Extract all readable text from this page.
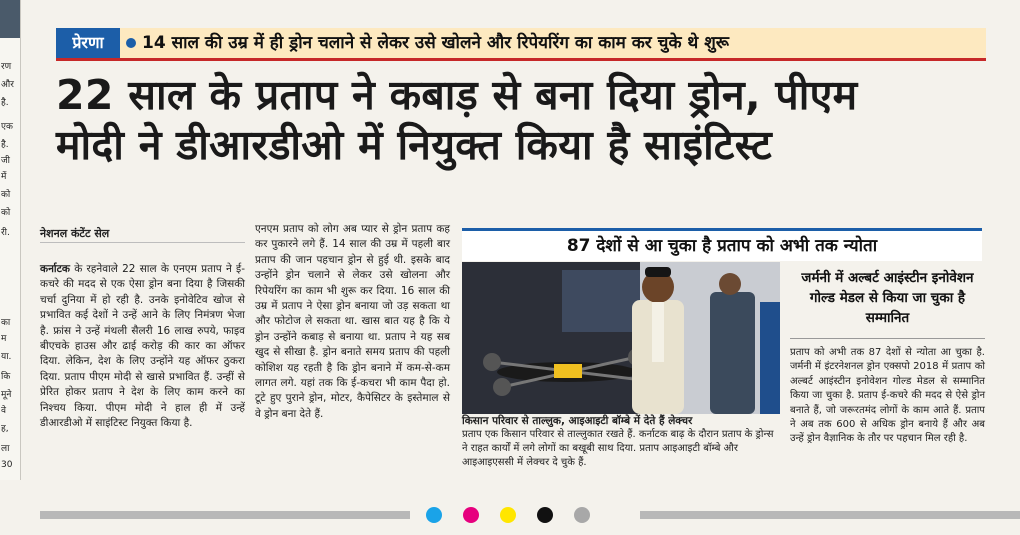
रण
और
है.
एक
है.
जी
में
को
को
री.
का
म
या.
कि
मूने
वे
ह,
ला
30
प्रेरणा	14 साल की उम्र में ही ड्रोन चलाने से लेकर उसे खोलने और रिपेयरिंग का काम कर चुके थे शुरू
22 साल के प्रताप ने कबाड़ से बना दिया ड्रोन, पीएम
मोदी ने डीआरडीओ में नियुक्त किया है साइंटिस्ट
नेशनल कंटेंट सेल
कर्नाटक के रहनेवाले 22 साल के एनएम प्रताप ने ई-कचरे की मदद से एक ऐसा ड्रोन बना दिया है जिसकी चर्चा दुनिया में हो रही है. उनके इनोवेटिव खोज से प्रभावित कई देशों ने उन्हें आने के लिए निमंत्रण भेजा है. फ्रांस ने उन्हें मंथली सैलरी 16 लाख रुपये, फाइव बीएचके हाउस और ढाई करोड़ की कार का ऑफर दिया. लेकिन, देश के लिए उन्होंने यह ऑफर ठुकरा दिया. प्रताप पीएम मोदी से खासे प्रभावित हैं. उन्हीं से प्रेरित होकर प्रताप ने देश के लिए काम करने का निश्चय किया. पीएम मोदी ने हाल ही में उन्हें डीआरडीओ में साइंटिस्ट नियुक्त किया है.
एनएम प्रताप को लोग अब प्यार से ड्रोन प्रताप कह कर पुकारने लगे हैं. 14 साल की उम्र में पहली बार प्रताप की जान पहचान ड्रोन से हुई थी. इसके बाद उन्होंने ड्रोन चलाने से लेकर उसे खोलना और रिपेयरिंग का काम भी शुरू कर दिया. 16 साल की उम्र में प्रताप ने ऐसा ड्रोन बनाया जो उड़ सकता था और फोटोज ले सकता था. खास बात यह है कि ये ड्रोन उन्होंने कबाड़ से बनाया था. प्रताप ने यह सब खुद से सीखा है. ड्रोन बनाते समय प्रताप की पहली कोशिश यह रहती है कि ड्रोन बनाने में कम-से-कम लागत लगे. यहां तक कि ई-कचरा भी काम पैदा हो. टूटे हुए पुराने ड्रोन, मोटर, कैपेसिटर के इस्तेमाल से वे ड्रोन बना देते हैं.
87 देशों से आ चुका है प्रताप को अभी तक न्योता
किसान परिवार से ताल्लुक, आइआइटी बॉम्बे में देते हैं लेक्चर
प्रताप एक किसान परिवार से ताल्लुकात रखते हैं. कर्नाटक बाढ़ के दौरान प्रताप के ड्रोन्स ने राहत कार्यों में लगे लोगों का बखूबी साथ दिया. प्रताप आइआइटी बॉम्बे और आइआइएससी में लेक्चर दे चुके हैं.
जर्मनी में अल्बर्ट आइंस्टीन इनोवेशन गोल्ड मेडल से किया जा चुका है सम्मानित
प्रताप को अभी तक 87 देशों से न्योता आ चुका है. जर्मनी में इंटरनेशनल ड्रोन एक्सपो 2018 में प्रताप को अल्बर्ट आइंस्टीन इनोवेशन गोल्ड मेडल से सम्मानित किया जा चुका है. प्रताप ई-कचरे की मदद से ऐसे ड्रोन बनाते हैं, जो जरूरतमंद लोगों के काम आते हैं. प्रताप ने अब तक 600 से अधिक ड्रोन बनाये हैं और अब उन्हें ड्रोन वैज्ञानिक के तौर पर पहचान मिल रही है.
